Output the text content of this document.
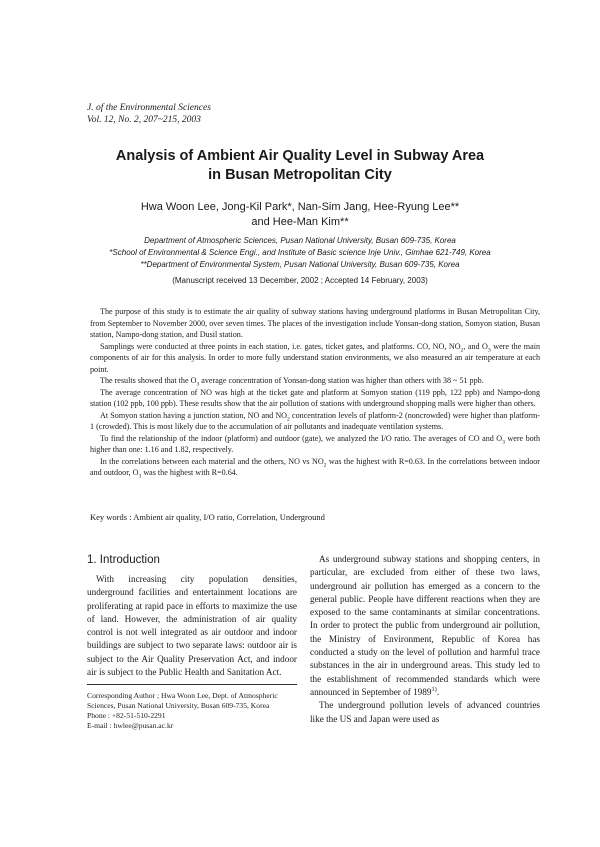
J. of the Environmental Sciences
Vol. 12, No. 2, 207~215, 2003
Analysis of Ambient Air Quality Level in Subway Area
in Busan Metropolitan City
Hwa Woon Lee, Jong-Kil Park*, Nan-Sim Jang, Hee-Ryung Lee**
and Hee-Man Kim**
Department of Atmospheric Sciences, Pusan National University, Busan 609-735, Korea
*School of Environmental & Science Engi., and Institute of Basic science Inje Univ., Gimhae 621-749, Korea
**Department of Environmental System, Pusan National University, Busan 609-735, Korea
(Manuscript received 13 December, 2002 ; Accepted 14 February, 2003)

The purpose of this study is to estimate the air quality of subway stations having underground platforms in Busan Metropolitan City, from September to November 2000, over seven times. The places of the investigation include Yonsan-dong station, Somyon station, Busan station, Nampo-dong station, and Dusil station.

Samplings were conducted at three points in each station, i.e. gates, ticket gates, and platforms. CO, NO, $NO_2$, and $O_3$ were the main components of air for this analysis. In order to more fully understand station environments, we also measured an air temperature at each point.

The results showed that the $O_3$ average concentration of Yonsan-dong station was higher than others with 38 ~ 51 ppb.

The average concentration of NO was high at the ticket gate and platform at Somyon station (119 ppb, 122 ppb) and Nampo-dong station (102 ppb, 100 ppb). These results show that the air pollution of stations with underground shopping malls were higher than others.

At Somyon station having a junction station, NO and $NO_2$ concentration levels of platform-2 (noncrowded) were higher than platform-1 (crowded). This is most likely due to the accumulation of air pollutants and inadequate ventilation systems.

To find the relationship of the indoor (platform) and outdoor (gate), we analyzed the I/O ratio. The averages of CO and $O_3$ were both higher than one: 1.16 and 1.82, respectively.

In the correlations between each material and the others, NO vs $NO_2$ was the highest with R=0.63. In the correlations between indoor and outdoor, $O_3$ was the highest with R=0.64.

Key words : Ambient air quality, I/O ratio, Correlation, Underground
1. Introduction

With increasing city population densities, underground facilities and entertainment locations are proliferating at rapid pace in efforts to maximize the use of land. However, the administration of air quality control is not well integrated as air outdoor and indoor buildings are subject to two separate laws: outdoor air is subject to the Air Quality Preservation Act, and indoor air is subject to the Public Health and Sanitation Act.

As underground subway stations and shopping centers, in particular, are excluded from either of these two laws, underground air pollution has emerged as a concern to the general public. People have different reactions when they are exposed to the same contaminants at similar concentrations. In order to protect the public from underground air pollution, the Ministry of Environment, Republic of Korea has conducted a study on the level of pollution and harmful trace substances in the air in underground areas. This study led to the establishment of recommended standards which were announced in September of 1989$^{1)}$.

The underground pollution levels of advanced countries like the US and Japan were used as

Corresponding Author ; Hwa Woon Lee, Dept. of Atmospheric Sciences, Pusan National University, Busan 609-735, Korea
Phone : +82-51-510-2291
E-mail : hwlee@pusan.ac.kr
